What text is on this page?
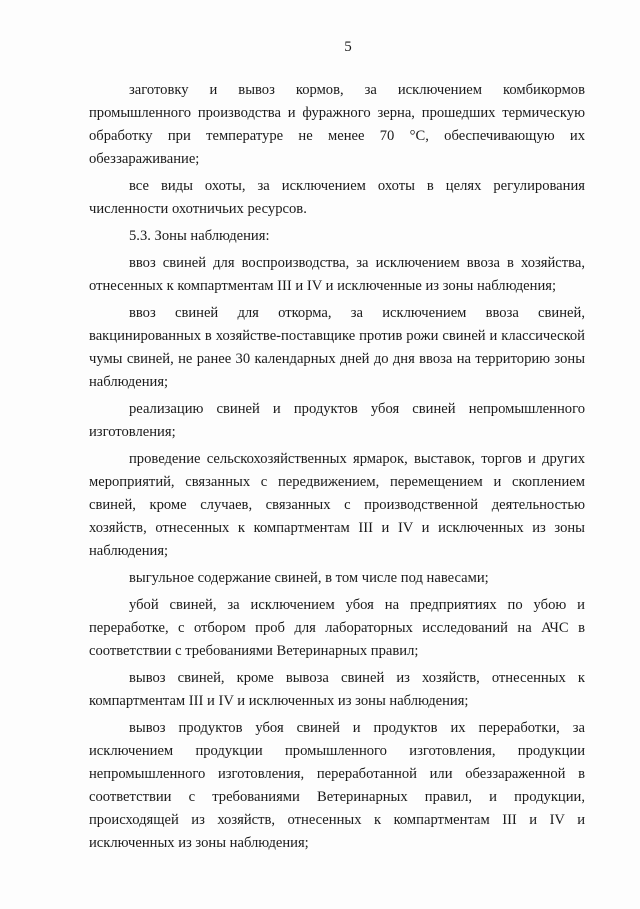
5

заготовку и вывоз кормов, за исключением комбикормов промышленного производства и фуражного зерна, прошедших термическую обработку при температуре не менее 70 °С, обеспечивающую их обеззараживание;

все виды охоты, за исключением охоты в целях регулирования численности охотничьих ресурсов.

5.3. Зоны наблюдения:

ввоз свиней для воспроизводства, за исключением ввоза в хозяйства, отнесенных к компартментам III и IV и исключенные из зоны наблюдения;

ввоз свиней для откорма, за исключением ввоза свиней, вакцинированных в хозяйстве-поставщике против рожи свиней и классической чумы свиней, не ранее 30 календарных дней до дня ввоза на территорию зоны наблюдения;

реализацию свиней и продуктов убоя свиней непромышленного изготовления;

проведение сельскохозяйственных ярмарок, выставок, торгов и других мероприятий, связанных с передвижением, перемещением и скоплением свиней, кроме случаев, связанных с производственной деятельностью хозяйств, отнесенных к компартментам III и IV и исключенных из зоны наблюдения;

выгульное содержание свиней, в том числе под навесами;

убой свиней, за исключением убоя на предприятиях по убою и переработке, с отбором проб для лабораторных исследований на АЧС в соответствии с требованиями Ветеринарных правил;

вывоз свиней, кроме вывоза свиней из хозяйств, отнесенных к компартментам III и IV и исключенных из зоны наблюдения;

вывоз продуктов убоя свиней и продуктов их переработки, за исключением продукции промышленного изготовления, продукции непромышленного изготовления, переработанной или обеззараженной в соответствии с требованиями Ветеринарных правил, и продукции, происходящей из хозяйств, отнесенных к компартментам III и IV и исключенных из зоны наблюдения;
